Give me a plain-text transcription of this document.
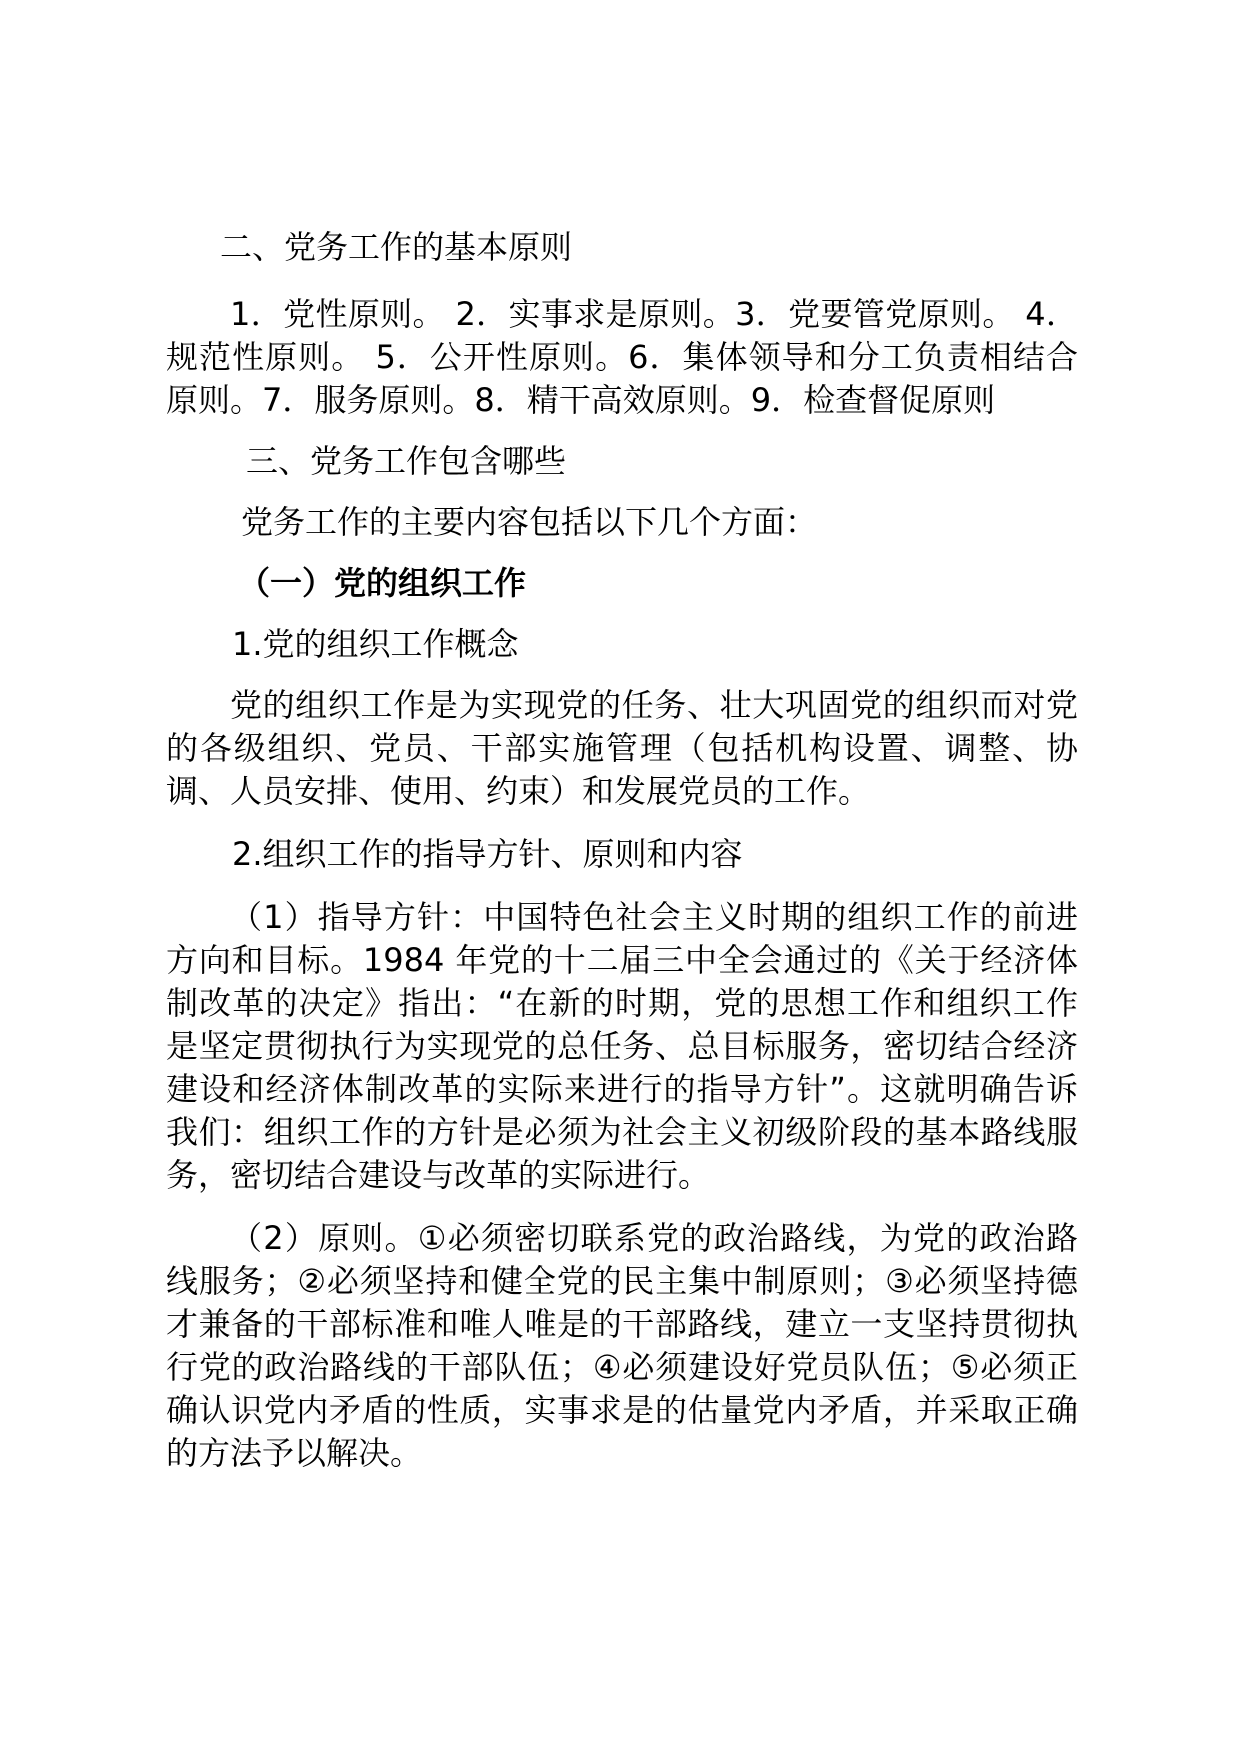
二、党务工作的基本原则

1．党性原则。 2．实事求是原则。3．党要管党原则。 4．规范性原则。 5．公开性原则。6．集体领导和分工负责相结合原则。7．服务原则。8．精干高效原则。9．检查督促原则

三、党务工作包含哪些

党务工作的主要内容包括以下几个方面：

（一）党的组织工作

1.党的组织工作概念

党的组织工作是为实现党的任务、壮大巩固党的组织而对党的各级组织、党员、干部实施管理（包括机构设置、调整、协调、人员安排、使用、约束）和发展党员的工作。

2.组织工作的指导方针、原则和内容

（1）指导方针：中国特色社会主义时期的组织工作的前进方向和目标。1984 年党的十二届三中全会通过的《关于经济体制改革的决定》指出：“在新的时期，党的思想工作和组织工作是坚定贯彻执行为实现党的总任务、总目标服务，密切结合经济建设和经济体制改革的实际来进行的指导方针”。这就明确告诉我们：组织工作的方针是必须为社会主义初级阶段的基本路线服务，密切结合建设与改革的实际进行。

（2）原则。①必须密切联系党的政治路线，为党的政治路线服务；②必须坚持和健全党的民主集中制原则；③必须坚持德才兼备的干部标准和唯人唯是的干部路线，建立一支坚持贯彻执行党的政治路线的干部队伍；④必须建设好党员队伍；⑤必须正确认识党内矛盾的性质，实事求是的估量党内矛盾，并采取正确的方法予以解决。
